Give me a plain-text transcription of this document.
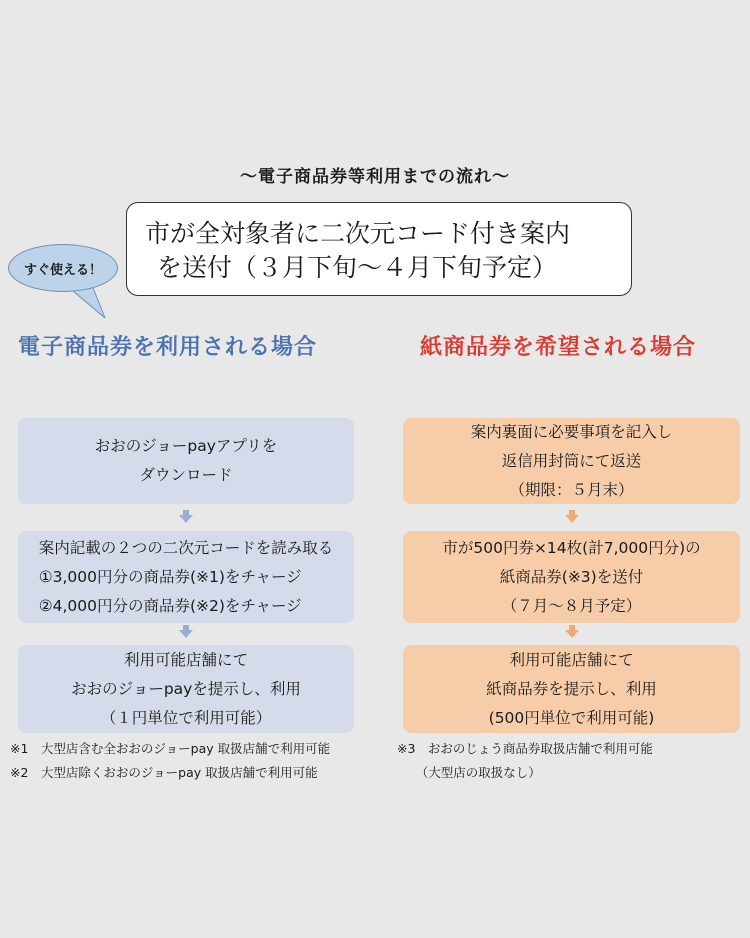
～電子商品券等利用までの流れ～
市が全対象者に二次元コード付き案内
を送付（３月下旬～４月下旬予定）
すぐ使える！
電子商品券を利用される場合	紙商品券を希望される場合
おおのジョーpayアプリを
ダウンロード
案内記載の２つの二次元コードを読み取る
①3,000円分の商品券(※1)をチャージ
②4,000円分の商品券(※2)をチャージ
利用可能店舗にて
おおのジョーpayを提示し、利用
（１円単位で利用可能）
※1　大型店含む全おおのジョーpay 取扱店舗で利用可能
※2　大型店除くおおのジョーpay 取扱店舗で利用可能
案内裏面に必要事項を記入し
返信用封筒にて返送
（期限：５月末）
市が500円券×14枚(計7,000円分)の
紙商品券(※3)を送付
（７月～８月予定）
利用可能店舗にて
紙商品券を提示し、利用
(500円単位で利用可能)
※3　おおのじょう商品券取扱店舗で利用可能
　　（大型店の取扱なし）
